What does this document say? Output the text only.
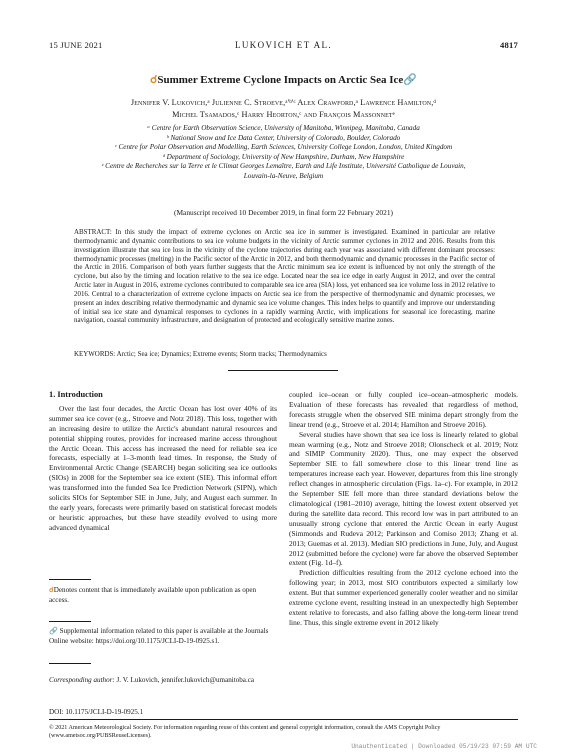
15 JUNE 2021	LUKOVICH ET AL.	4817
☌Summer Extreme Cyclone Impacts on Arctic Sea Ice🔗
Jennifer V. Lukovich,ᵃ Julienne C. Stroeve,ᵃ'ᵇ'ᶜ Alex Crawford,ᵃ Lawrence Hamilton,ᵈ
Michel Tsamados,ᶜ Harry Heorton,ᶜ and François Massonnetᵉ
ᵃ Centre for Earth Observation Science, University of Manitoba, Winnipeg, Manitoba, Canada
ᵇ National Snow and Ice Data Center, University of Colorado, Boulder, Colorado
ᶜ Centre for Polar Observation and Modelling, Earth Sciences, University College London, London, United Kingdom
ᵈ Department of Sociology, University of New Hampshire, Durham, New Hampshire
ᵉ Centre de Recherches sur la Terre et le Climat Georges Lemaître, Earth and Life Institute, Université Catholique de Louvain,
Louvain-la-Neuve, Belgium
(Manuscript received 10 December 2019, in final form 22 February 2021)
ABSTRACT: In this study the impact of extreme cyclones on Arctic sea ice in summer is investigated. Examined in particular are relative thermodynamic and dynamic contributions to sea ice volume budgets in the vicinity of Arctic summer cyclones in 2012 and 2016. Results from this investigation illustrate that sea ice loss in the vicinity of the cyclone trajectories during each year was associated with different dominant processes: thermodynamic processes (melting) in the Pacific sector of the Arctic in 2012, and both thermodynamic and dynamic processes in the Pacific sector of the Arctic in 2016. Comparison of both years further suggests that the Arctic minimum sea ice extent is influenced by not only the strength of the cyclone, but also by the timing and location relative to the sea ice edge. Located near the sea ice edge in early August in 2012, and over the central Arctic later in August in 2016, extreme cyclones contributed to comparable sea ice area (SIA) loss, yet enhanced sea ice volume loss in 2012 relative to 2016. Central to a characterization of extreme cyclone impacts on Arctic sea ice from the perspective of thermodynamic and dynamic processes, we present an index describing relative thermodynamic and dynamic sea ice volume changes. This index helps to quantify and improve our understanding of initial sea ice state and dynamical responses to cyclones in a rapidly warming Arctic, with implications for seasonal ice forecasting, marine navigation, coastal community infrastructure, and designation of protected and ecologically sensitive marine zones.
KEYWORDS: Arctic; Sea ice; Dynamics; Extreme events; Storm tracks; Thermodynamics
1. Introduction

Over the last four decades, the Arctic Ocean has lost over 40% of its summer sea ice cover (e.g., Stroeve and Notz 2018). This loss, together with an increasing desire to utilize the Arctic's abundant natural resources and potential shipping routes, provides for increased marine access throughout the Arctic Ocean. This access has increased the need for reliable sea ice forecasts, especially at 1–3-month lead times. In response, the Study of Environmental Arctic Change (SEARCH) began soliciting sea ice outlooks (SIOs) in 2008 for the September sea ice extent (SIE). This informal effort was transformed into the funded Sea Ice Prediction Network (SIPN), which solicits SIOs for September SIE in June, July, and August each summer. In the early years, forecasts were primarily based on statistical forecast models or heuristic approaches, but these have steadily evolved to using more advanced dynamical

coupled ice–ocean or fully coupled ice–ocean–atmospheric models. Evaluation of these forecasts has revealed that regardless of method, forecasts struggle when the observed SIE minima depart strongly from the linear trend (e.g., Stroeve et al. 2014; Hamilton and Stroeve 2016).

Several studies have shown that sea ice loss is linearly related to global mean warming (e.g., Notz and Stroeve 2018; Olonscheck et al. 2019; Notz and SIMIP Community 2020). Thus, one may expect the observed September SIE to fall somewhere close to this linear trend line as temperatures increase each year. However, departures from this line strongly reflect changes in atmospheric circulation (Figs. 1a–c). For example, in 2012 the September SIE fell more than three standard deviations below the climatological (1981–2010) average, hitting the lowest extent observed yet during the satellite data record. This record low was in part attributed to an unusually strong cyclone that entered the Arctic Ocean in early August (Simmonds and Rudeva 2012; Parkinson and Comiso 2013; Zhang et al. 2013; Guemas et al. 2013). Median SIO predictions in June, July, and August 2012 (submitted before the cyclone) were far above the observed September extent (Fig. 1d–f).

Prediction difficulties resulting from the 2012 cyclone echoed into the following year; in 2013, most SIO contributors expected a similarly low extent. But that summer experienced generally cooler weather and no similar extreme cyclone event, resulting instead in an unexpectedly high September extent relative to forecasts, and also falling above the long-term linear trend line. Thus, this single extreme event in 2012 likely

☌Denotes content that is immediately available upon publication as open access.
🔗 Supplemental information related to this paper is available at the Journals Online website: https://doi.org/10.1175/JCLI-D-19-0925.s1.
Corresponding author: J. V. Lukovich, jennifer.lukovich@umanitoba.ca
DOI: 10.1175/JCLI-D-19-0925.1
© 2021 American Meteorological Society. For information regarding reuse of this content and general copyright information, consult the AMS Copyright Policy (www.ametsoc.org/PUBSReuseLicenses).
Unauthenticated | Downloaded 05/19/23 07:59 AM UTC
